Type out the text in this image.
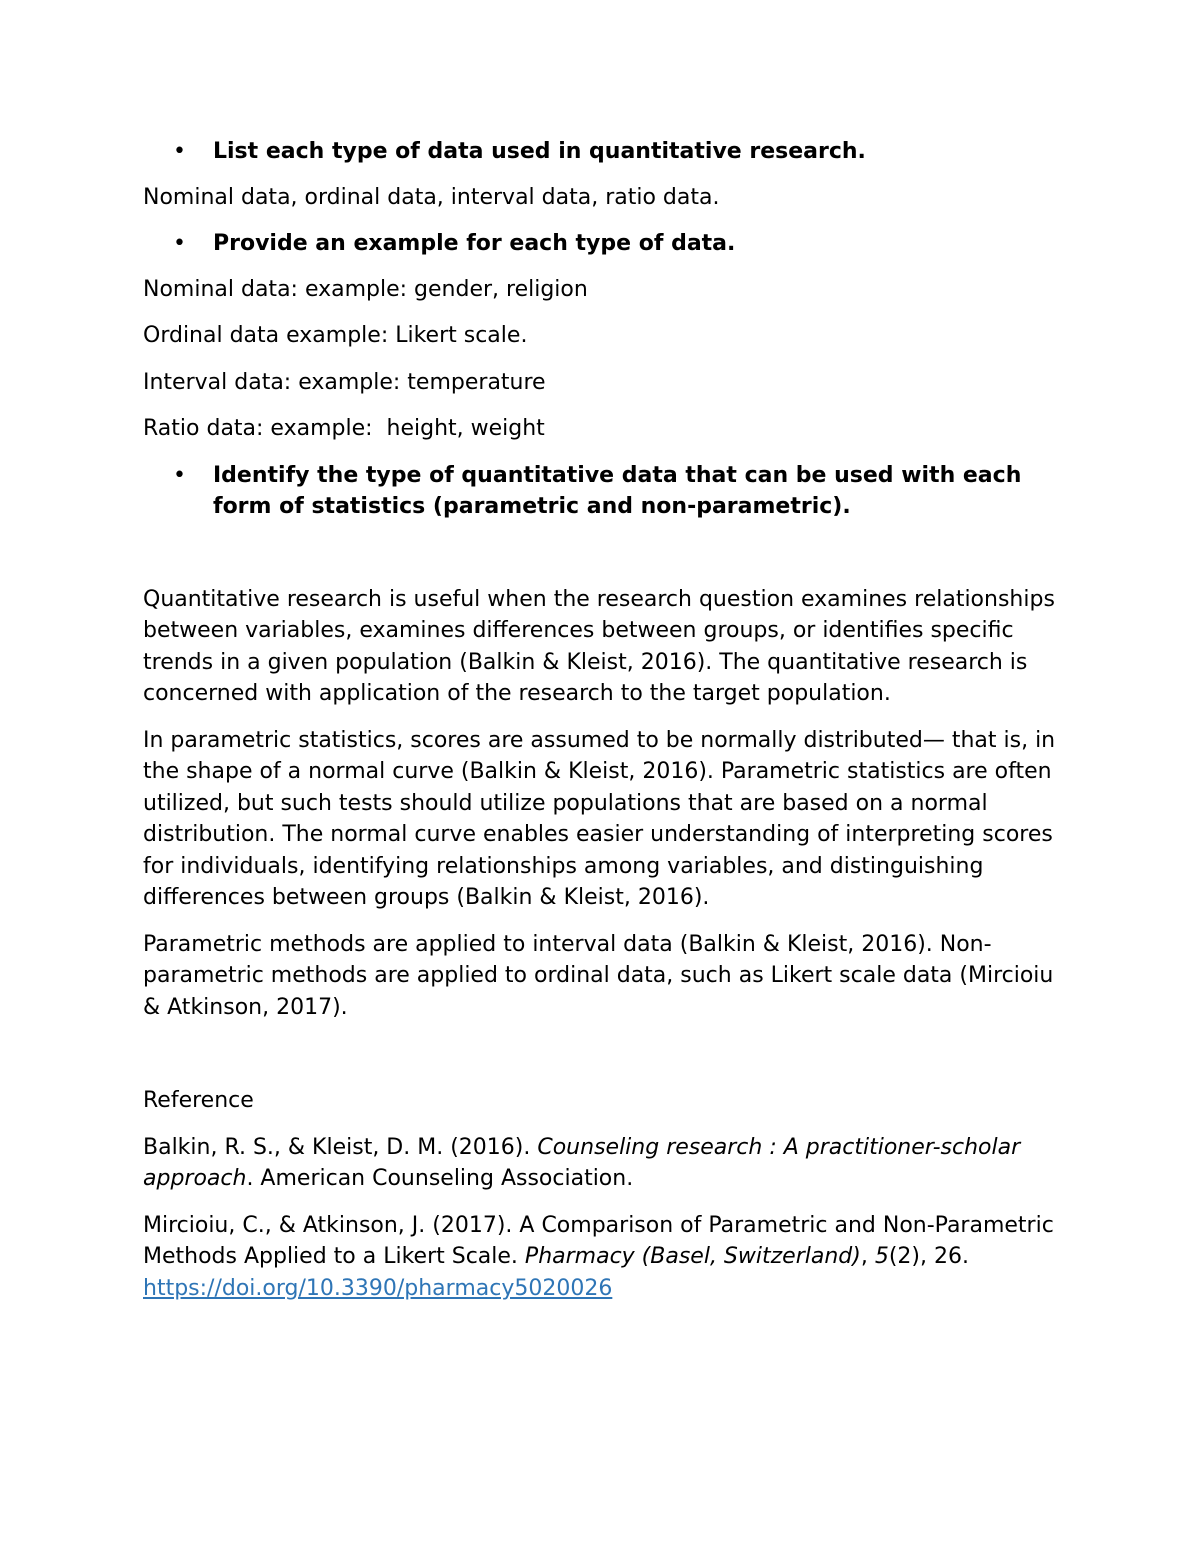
• List each type of data used in quantitative research.

Nominal data, ordinal data, interval data, ratio data.

• Provide an example for each type of data.

Nominal data: example: gender, religion

Ordinal data example: Likert scale.

Interval data: example: temperature

Ratio data: example:  height, weight

• Identify the type of quantitative data that can be used with each form of statistics (parametric and non-parametric).

Quantitative research is useful when the research question examines relationships between variables, examines differences between groups, or identifies specific trends in a given population (Balkin & Kleist, 2016). The quantitative research is concerned with application of the research to the target population.

In parametric statistics, scores are assumed to be normally distributed— that is, in the shape of a normal curve (Balkin & Kleist, 2016). Parametric statistics are often utilized, but such tests should utilize populations that are based on a normal distribution. The normal curve enables easier understanding of interpreting scores for individuals, identifying relationships among variables, and distinguishing differences between groups (Balkin & Kleist, 2016).

Parametric methods are applied to interval data (Balkin & Kleist, 2016). Non-parametric methods are applied to ordinal data, such as Likert scale data (Mircioiu & Atkinson, 2017).

Reference

Balkin, R. S., & Kleist, D. M. (2016). Counseling research : A practitioner-scholar approach. American Counseling Association.

Mircioiu, C., & Atkinson, J. (2017). A Comparison of Parametric and Non-Parametric Methods Applied to a Likert Scale. Pharmacy (Basel, Switzerland), 5(2), 26. https://doi.org/10.3390/pharmacy5020026
